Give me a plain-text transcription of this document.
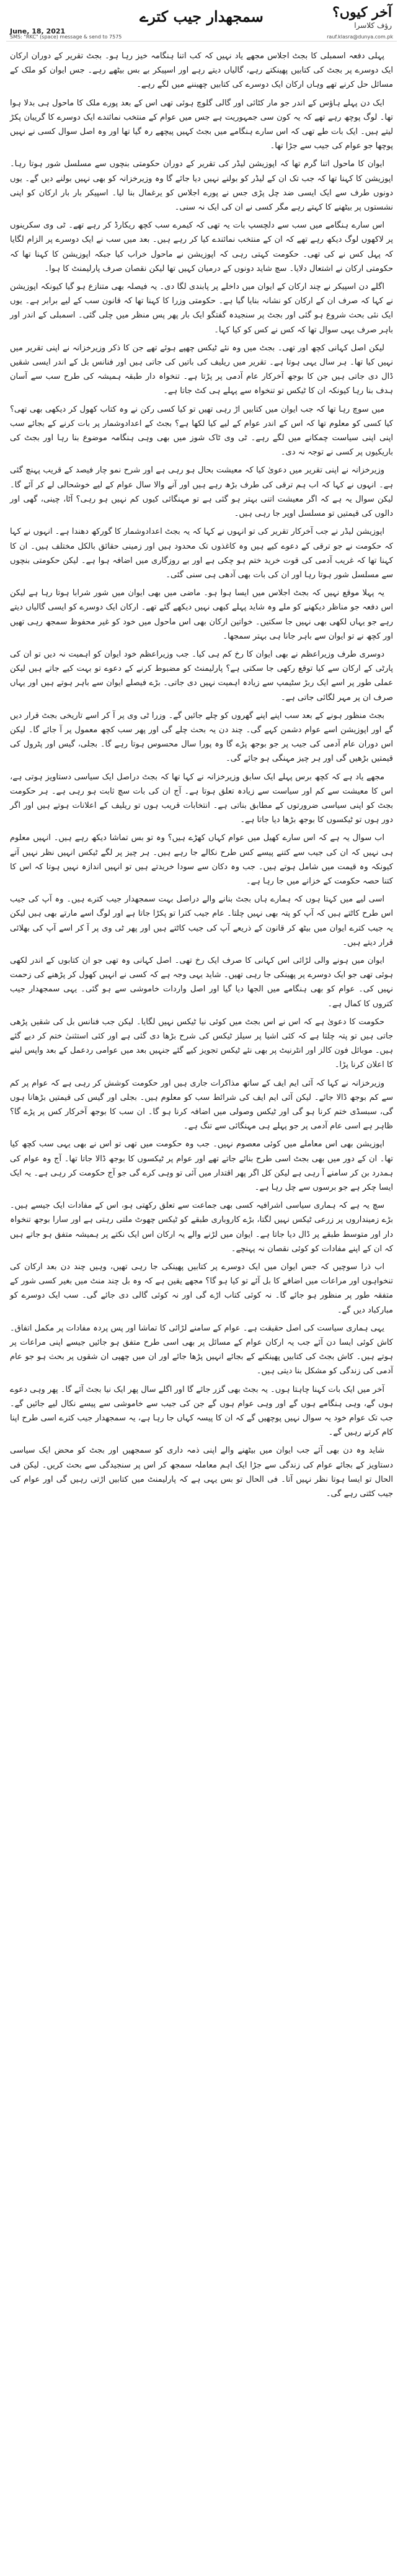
آخر کیوں؟
رؤف کلاسرا
سمجھدار جیب کترے
June, 18, 2021
SMS: "RKC" (space) message & send to 7575	rauf.klasra@dunya.com.pk

پہلی دفعہ اسمبلی کا بجٹ اجلاس مجھے یاد نہیں کہ کب اتنا ہنگامہ خیز رہا ہو۔ بجٹ تقریر کے دوران ارکان ایک دوسرے پر بجٹ کی کتابیں پھینکتے رہے، گالیاں دیتے رہے اور اسپیکر بے بس بیٹھے رہے۔ جس ایوان کو ملک کے مسائل حل کرنے تھے وہاں ارکان ایک دوسرے کی کتابیں چھیننے میں لگے رہے۔

ایک دن پہلے ہاؤس کے اندر جو مار کٹائی اور گالی گلوچ ہوئی تھی اس کے بعد پورے ملک کا ماحول ہی بدلا ہوا تھا۔ لوگ پوچھ رہے تھے کہ یہ کون سی جمہوریت ہے جس میں عوام کے منتخب نمائندے ایک دوسرے کا گریبان پکڑ لیتے ہیں۔ ایک بات طے تھی کہ اس سارے ہنگامے میں بجٹ کہیں پیچھے رہ گیا تھا اور وہ اصل سوال کسی نے نہیں پوچھا جو عوام کی جیب سے جڑا تھا۔

ایوان کا ماحول اتنا گرم تھا کہ اپوزیشن لیڈر کی تقریر کے دوران حکومتی بنچوں سے مسلسل شور ہوتا رہا۔ اپوزیشن کا کہنا تھا کہ جب تک ان کے لیڈر کو بولنے نہیں دیا جائے گا وہ وزیرخزانہ کو بھی نہیں بولنے دیں گے۔ یوں دونوں طرف سے ایک ایسی ضد چل پڑی جس نے پورے اجلاس کو یرغمال بنا لیا۔ اسپیکر بار بار ارکان کو اپنی نشستوں پر بیٹھنے کا کہتے رہے مگر کسی نے ان کی ایک نہ سنی۔

اس سارے ہنگامے میں سب سے دلچسپ بات یہ تھی کہ کیمرے سب کچھ ریکارڈ کر رہے تھے۔ ٹی وی سکرینوں پر لاکھوں لوگ دیکھ رہے تھے کہ ان کے منتخب نمائندے کیا کر رہے ہیں۔ بعد میں سب نے ایک دوسرے پر الزام لگایا کہ پہل کس نے کی تھی۔ حکومت کہتی رہی کہ اپوزیشن نے ماحول خراب کیا جبکہ اپوزیشن کا کہنا تھا کہ حکومتی ارکان نے اشتعال دلایا۔ سچ شاید دونوں کے درمیان کہیں تھا لیکن نقصان صرف پارلیمنٹ کا ہوا۔

اگلے دن اسپیکر نے چند ارکان کے ایوان میں داخلے پر پابندی لگا دی۔ یہ فیصلہ بھی متنازع ہو گیا کیونکہ اپوزیشن نے کہا کہ صرف ان کے ارکان کو نشانہ بنایا گیا ہے۔ حکومتی وزرا کا کہنا تھا کہ قانون سب کے لیے برابر ہے۔ یوں ایک نئی بحث شروع ہو گئی اور بجٹ پر سنجیدہ گفتگو ایک بار پھر پس منظر میں چلی گئی۔ اسمبلی کے اندر اور باہر صرف یہی سوال تھا کہ کس نے کس کو کیا کہا۔

لیکن اصل کہانی کچھ اور تھی۔ بجٹ میں وہ نئے ٹیکس چھپے ہوئے تھے جن کا ذکر وزیرخزانہ نے اپنی تقریر میں نہیں کیا تھا۔ ہر سال یہی ہوتا ہے۔ تقریر میں ریلیف کی باتیں کی جاتی ہیں اور فنانس بل کے اندر ایسی شقیں ڈال دی جاتی ہیں جن کا بوجھ آخرکار عام آدمی پر پڑتا ہے۔ تنخواہ دار طبقہ ہمیشہ کی طرح سب سے آسان ہدف بنا رہا کیونکہ ان کا ٹیکس تو تنخواہ سے پہلے ہی کٹ جاتا ہے۔

میں سوچ رہا تھا کہ جب ایوان میں کتابیں اڑ رہی تھیں تو کیا کسی رکن نے وہ کتاب کھول کر دیکھی بھی تھی؟ کیا کسی کو معلوم تھا کہ اس کے اندر عوام کے لیے کیا لکھا ہے؟ بجٹ کے اعدادوشمار پر بات کرنے کے بجائے سب اپنی اپنی سیاست چمکانے میں لگے رہے۔ ٹی وی ٹاک شوز میں بھی وہی ہنگامہ موضوع بنا رہا اور بجٹ کی باریکیوں پر کسی نے توجہ نہ دی۔

وزیرخزانہ نے اپنی تقریر میں دعویٰ کیا کہ معیشت بحال ہو رہی ہے اور شرح نمو چار فیصد کے قریب پہنچ گئی ہے۔ انہوں نے کہا کہ اب ہم ترقی کی طرف بڑھ رہے ہیں اور آنے والا سال عوام کے لیے خوشحالی لے کر آئے گا۔ لیکن سوال یہ ہے کہ اگر معیشت اتنی بہتر ہو گئی ہے تو مہنگائی کیوں کم نہیں ہو رہی؟ آٹا، چینی، گھی اور دالوں کی قیمتیں تو مسلسل اوپر جا رہی ہیں۔

اپوزیشن لیڈر نے جب آخرکار تقریر کی تو انہوں نے کہا کہ یہ بجٹ اعدادوشمار کا گورکھ دھندا ہے۔ انہوں نے کہا کہ حکومت نے جو ترقی کے دعوے کیے ہیں وہ کاغذوں تک محدود ہیں اور زمینی حقائق بالکل مختلف ہیں۔ ان کا کہنا تھا کہ غریب آدمی کی قوت خرید ختم ہو چکی ہے اور بے روزگاری میں اضافہ ہوا ہے۔ لیکن حکومتی بنچوں سے مسلسل شور ہوتا رہا اور ان کی بات بھی آدھی ہی سنی گئی۔

یہ پہلا موقع نہیں کہ بجٹ اجلاس میں ایسا ہوا ہو۔ ماضی میں بھی ایوان میں شور شرابا ہوتا رہا ہے لیکن اس دفعہ جو مناظر دیکھنے کو ملے وہ شاید پہلے کبھی نہیں دیکھے گئے تھے۔ ارکان ایک دوسرے کو ایسی گالیاں دیتے رہے جو یہاں لکھی بھی نہیں جا سکتیں۔ خواتین ارکان بھی اس ماحول میں خود کو غیر محفوظ سمجھ رہی تھیں اور کچھ نے تو ایوان سے باہر جانا ہی بہتر سمجھا۔

دوسری طرف وزیراعظم نے بھی ایوان کا رخ کم ہی کیا۔ جب وزیراعظم خود ایوان کو اہمیت نہ دیں تو ان کی پارٹی کے ارکان سے کیا توقع رکھی جا سکتی ہے؟ پارلیمنٹ کو مضبوط کرنے کے دعوے تو بہت کیے جاتے ہیں لیکن عملی طور پر اسے ایک ربڑ سٹیمپ سے زیادہ اہمیت نہیں دی جاتی۔ بڑے فیصلے ایوان سے باہر ہوتے ہیں اور یہاں صرف ان پر مہر لگائی جاتی ہے۔

بجٹ منظور ہونے کے بعد سب اپنے اپنے گھروں کو چلے جائیں گے۔ وزرا ٹی وی پر آ کر اسے تاریخی بجٹ قرار دیں گے اور اپوزیشن اسے عوام دشمن کہے گی۔ چند دن یہ بحث چلے گی اور پھر سب کچھ معمول پر آ جائے گا۔ لیکن اس دوران عام آدمی کی جیب پر جو بوجھ پڑے گا وہ پورا سال محسوس ہوتا رہے گا۔ بجلی، گیس اور پٹرول کی قیمتیں بڑھیں گی اور ہر چیز مہنگی ہو جائے گی۔

مجھے یاد ہے کہ کچھ برس پہلے ایک سابق وزیرخزانہ نے کہا تھا کہ بجٹ دراصل ایک سیاسی دستاویز ہوتی ہے، اس کا معیشت سے کم اور سیاست سے زیادہ تعلق ہوتا ہے۔ آج ان کی بات سچ ثابت ہو رہی ہے۔ ہر حکومت بجٹ کو اپنی سیاسی ضرورتوں کے مطابق بناتی ہے۔ انتخابات قریب ہوں تو ریلیف کے اعلانات ہوتے ہیں اور اگر دور ہوں تو ٹیکسوں کا بوجھ بڑھا دیا جاتا ہے۔

اب سوال یہ ہے کہ اس سارے کھیل میں عوام کہاں کھڑے ہیں؟ وہ تو بس تماشا دیکھ رہے ہیں۔ انہیں معلوم ہی نہیں کہ ان کی جیب سے کتنے پیسے کس طرح نکالے جا رہے ہیں۔ ہر چیز پر لگے ٹیکس انہیں نظر نہیں آتے کیونکہ وہ قیمت میں شامل ہوتے ہیں۔ جب وہ دکان سے سودا خریدتے ہیں تو انہیں اندازہ نہیں ہوتا کہ اس کا کتنا حصہ حکومت کے خزانے میں جا رہا ہے۔

اسی لیے میں کہتا ہوں کہ ہمارے ہاں بجٹ بنانے والے دراصل بہت سمجھدار جیب کترے ہیں۔ وہ آپ کی جیب اس طرح کاٹتے ہیں کہ آپ کو پتہ بھی نہیں چلتا۔ عام جیب کترا تو پکڑا جاتا ہے اور لوگ اسے مارتے بھی ہیں لیکن یہ جیب کترے ایوان میں بیٹھ کر قانون کے ذریعے آپ کی جیب کاٹتے ہیں اور پھر ٹی وی پر آ کر اسے آپ کی بھلائی قرار دیتے ہیں۔

ایوان میں ہونے والی لڑائی اس کہانی کا صرف ایک رخ تھی۔ اصل کہانی وہ تھی جو ان کتابوں کے اندر لکھی ہوئی تھی جو ایک دوسرے پر پھینکی جا رہی تھیں۔ شاید یہی وجہ ہے کہ کسی نے انہیں کھول کر پڑھنے کی زحمت نہیں کی۔ عوام کو بھی ہنگامے میں الجھا دیا گیا اور اصل واردات خاموشی سے ہو گئی۔ یہی سمجھدار جیب کتروں کا کمال ہے۔

حکومت کا دعویٰ ہے کہ اس نے اس بجٹ میں کوئی نیا ٹیکس نہیں لگایا۔ لیکن جب فنانس بل کی شقیں پڑھی جاتی ہیں تو پتہ چلتا ہے کہ کئی اشیا پر سیلز ٹیکس کی شرح بڑھا دی گئی ہے اور کئی استثنیٰ ختم کر دیے گئے ہیں۔ موبائل فون کالز اور انٹرنیٹ پر بھی نئے ٹیکس تجویز کیے گئے جنہیں بعد میں عوامی ردعمل کے بعد واپس لینے کا اعلان کرنا پڑا۔

وزیرخزانہ نے کہا کہ آئی ایم ایف کے ساتھ مذاکرات جاری ہیں اور حکومت کوشش کر رہی ہے کہ عوام پر کم سے کم بوجھ ڈالا جائے۔ لیکن آئی ایم ایف کی شرائط سب کو معلوم ہیں۔ بجلی اور گیس کی قیمتیں بڑھانا ہوں گی، سبسڈی ختم کرنا ہو گی اور ٹیکس وصولی میں اضافہ کرنا ہو گا۔ ان سب کا بوجھ آخرکار کس پر پڑے گا؟ ظاہر ہے اسی عام آدمی پر جو پہلے ہی مہنگائی سے تنگ ہے۔

اپوزیشن بھی اس معاملے میں کوئی معصوم نہیں۔ جب وہ حکومت میں تھی تو اس نے بھی یہی سب کچھ کیا تھا۔ ان کے دور میں بھی بجٹ اسی طرح بنائے جاتے تھے اور عوام پر ٹیکسوں کا بوجھ ڈالا جاتا تھا۔ آج وہ عوام کی ہمدرد بن کر سامنے آ رہی ہے لیکن کل اگر پھر اقتدار میں آئی تو وہی کرے گی جو آج حکومت کر رہی ہے۔ یہ ایک ایسا چکر ہے جو برسوں سے چل رہا ہے۔

سچ یہ ہے کہ ہماری سیاسی اشرافیہ کسی بھی جماعت سے تعلق رکھتی ہو، اس کے مفادات ایک جیسے ہیں۔ بڑے زمینداروں پر زرعی ٹیکس نہیں لگتا، بڑے کاروباری طبقے کو ٹیکس چھوٹ ملتی رہتی ہے اور سارا بوجھ تنخواہ دار اور متوسط طبقے پر ڈال دیا جاتا ہے۔ ایوان میں لڑنے والے یہ ارکان اس ایک نکتے پر ہمیشہ متفق ہو جاتے ہیں کہ ان کے اپنے مفادات کو کوئی نقصان نہ پہنچے۔

اب ذرا سوچیں کہ جس ایوان میں ایک دوسرے پر کتابیں پھینکی جا رہی تھیں، وہیں چند دن بعد ارکان کی تنخواہوں اور مراعات میں اضافے کا بل آئے تو کیا ہو گا؟ مجھے یقین ہے کہ وہ بل چند منٹ میں بغیر کسی شور کے متفقہ طور پر منظور ہو جائے گا۔ نہ کوئی کتاب اڑے گی اور نہ کوئی گالی دی جائے گی۔ سب ایک دوسرے کو مبارکباد دیں گے۔

یہی ہماری سیاست کی اصل حقیقت ہے۔ عوام کے سامنے لڑائی کا تماشا اور پس پردہ مفادات پر مکمل اتفاق۔ کاش کوئی ایسا دن آئے جب یہ ارکان عوام کے مسائل پر بھی اسی طرح متفق ہو جائیں جیسے اپنی مراعات پر ہوتے ہیں۔ کاش بجٹ کی کتابیں پھینکنے کے بجائے انہیں پڑھا جائے اور ان میں چھپی ان شقوں پر بحث ہو جو عام آدمی کی زندگی کو مشکل بنا دیتی ہیں۔

آخر میں ایک بات کہنا چاہتا ہوں۔ یہ بجٹ بھی گزر جائے گا اور اگلے سال پھر ایک نیا بجٹ آئے گا۔ پھر وہی دعوے ہوں گے، وہی ہنگامے ہوں گے اور وہی عوام ہوں گے جن کی جیب سے خاموشی سے پیسے نکال لیے جائیں گے۔ جب تک عوام خود یہ سوال نہیں پوچھیں گے کہ ان کا پیسہ کہاں جا رہا ہے، یہ سمجھدار جیب کترے اسی طرح اپنا کام کرتے رہیں گے۔

شاید وہ دن بھی آئے جب ایوان میں بیٹھنے والے اپنی ذمہ داری کو سمجھیں اور بجٹ کو محض ایک سیاسی دستاویز کے بجائے عوام کی زندگی سے جڑا ایک اہم معاملہ سمجھ کر اس پر سنجیدگی سے بحث کریں۔ لیکن فی الحال تو ایسا ہوتا نظر نہیں آتا۔ فی الحال تو بس یہی ہے کہ پارلیمنٹ میں کتابیں اڑتی رہیں گی اور عوام کی جیب کٹتی رہے گی۔
